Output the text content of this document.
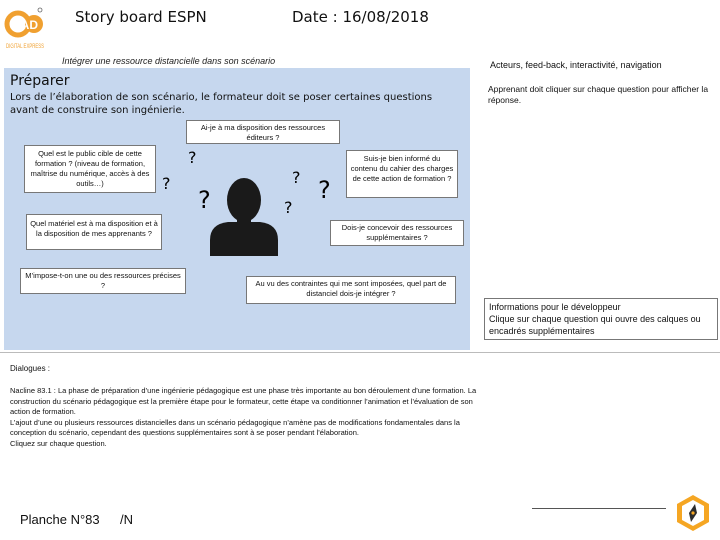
CAD
DIGITAL EXPRESS
Story board ESPN	Date : 16/08/2018
Intégrer une ressource distancielle dans son scénario
Préparer
Lors de l’élaboration de son scénario, le formateur doit se poser certaines questions avant de construire son ingénierie.
Ai-je à ma disposition des ressources éditeurs ?
Quel est le public cible de cette formation ? (niveau de formation, maîtrise du numérique, accès à des outils…)
Quel matériel est à ma disposition et à la disposition de mes apprenants ?
M’impose-t-on une ou des ressources précises ?
Suis-je bien informé du contenu du cahier des charges de cette action de formation ?
Dois-je concevoir des ressources supplémentaires ?
Au vu des contraintes qui me sont imposées, quel part de distanciel dois-je intégrer ?
?
?
?
?
?
?
Acteurs, feed-back, interactivité, navigation
Apprenant doit cliquer sur chaque question pour afficher la réponse.
Informations pour le développeur
Clique sur chaque question qui ouvre des calques ou encadrés supplémentaires
Dialogues :
Nacline 83.1 : La phase de préparation d’une ingénierie pédagogique est une phase très importante au bon déroulement d’une formation. La construction du scénario pédagogique est la première étape pour le formateur, cette étape va conditionner l’animation et l’évaluation de son action de formation.
L’ajout d’une ou plusieurs ressources distancielles dans un scénario pédagogique n’amène pas de modifications fondamentales dans la conception du scénario, cependant des questions supplémentaires sont à se poser pendant l’élaboration.
Cliquez sur chaque question.
Planche N°83 /N
